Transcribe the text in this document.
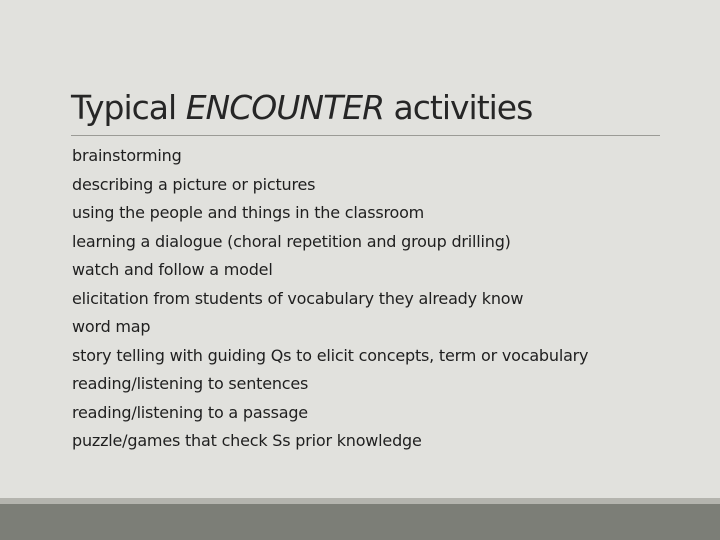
Typical ENCOUNTER activities
brainstorming
describing a picture or pictures
using the people and things in the classroom
learning a dialogue (choral repetition and group drilling)
watch and follow a model
elicitation from students of vocabulary they already know
word map
story telling with guiding Qs to elicit concepts, term or vocabulary
reading/listening to sentences
reading/listening to a passage
puzzle/games that check Ss prior knowledge
